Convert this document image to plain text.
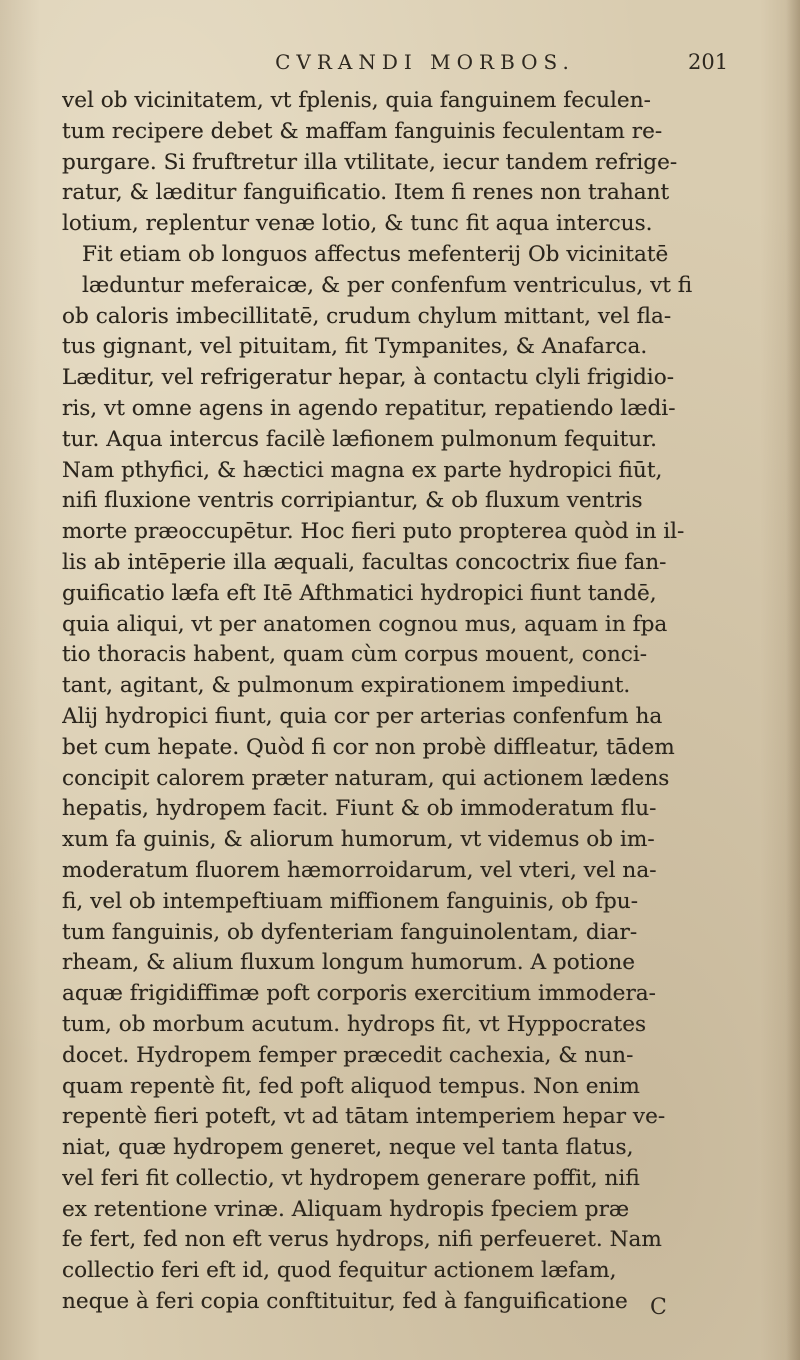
CVRANDI MORBOS.	201
vel ob vicinitatem, vt fplenis, quia fanguinem feculen-
tum recipere debet & maffam fanguinis feculentam re-
purgare. Si fruftretur illa vtilitate, iecur tandem refrige-
ratur, & læditur fanguificatio. Item fi renes non trahant
lotium, replentur venæ lotio, & tunc fit aqua intercus.
Fit etiam ob longuos affectus mefenterij Ob vicinitatē
læduntur meferaicæ, & per confenfum ventriculus, vt fi
ob caloris imbecillitatē, crudum chylum mittant, vel fla-
tus gignant, vel pituitam, fit Tympanites, & Anafarca.
Læditur, vel refrigeratur hepar, à contactu clyli frigidio-
ris, vt omne agens in agendo repatitur, repatiendo lædi-
tur. Aqua intercus facilè læfionem pulmonum fequitur.
Nam pthyfici, & hæctici magna ex parte hydropici fiūt,
nifi fluxione ventris corripiantur, & ob fluxum ventris
morte præoccupētur. Hoc fieri puto propterea quòd in il-
lis ab intēperie illa æquali, facultas concoctrix fiue fan-
guificatio læfa eft Itē Afthmatici hydropici fiunt tandē,
quia aliqui, vt per anatomen cognou mus, aquam in fpa
tio thoracis habent, quam cùm corpus mouent, conci-
tant, agitant, & pulmonum expirationem impediunt.
Alij hydropici fiunt, quia cor per arterias confenfum ha
bet cum hepate. Quòd fi cor non probè diffleatur, tādem
concipit calorem præter naturam, qui actionem lædens
hepatis, hydropem facit. Fiunt & ob immoderatum flu-
xum fa guinis, & aliorum humorum, vt videmus ob im-
moderatum fluorem hæmorroidarum, vel vteri, vel na-
fi, vel ob intempeftiuam miffionem fanguinis, ob fpu-
tum fanguinis, ob dyfenteriam fanguinolentam, diar-
rheam, & alium fluxum longum humorum. A potione
aquæ frigidiffimæ poft corporis exercitium immodera-
tum, ob morbum acutum. hydrops fit, vt Hyppocrates
docet. Hydropem femper præcedit cachexia, & nun-
quam repentè fit, fed poft aliquod tempus. Non enim
repentè fieri poteft, vt ad tātam intemperiem hepar ve-
niat, quæ hydropem generet, neque vel tanta flatus,
vel feri fit collectio, vt hydropem generare poffit, nifi
ex retentione vrinæ. Aliquam hydropis fpeciem præ
fe fert, fed non eft verus hydrops, nifi perfeueret. Nam
collectio feri eft id, quod fequitur actionem læfam,
neque à feri copia conftituitur, fed à fanguificatione	C
